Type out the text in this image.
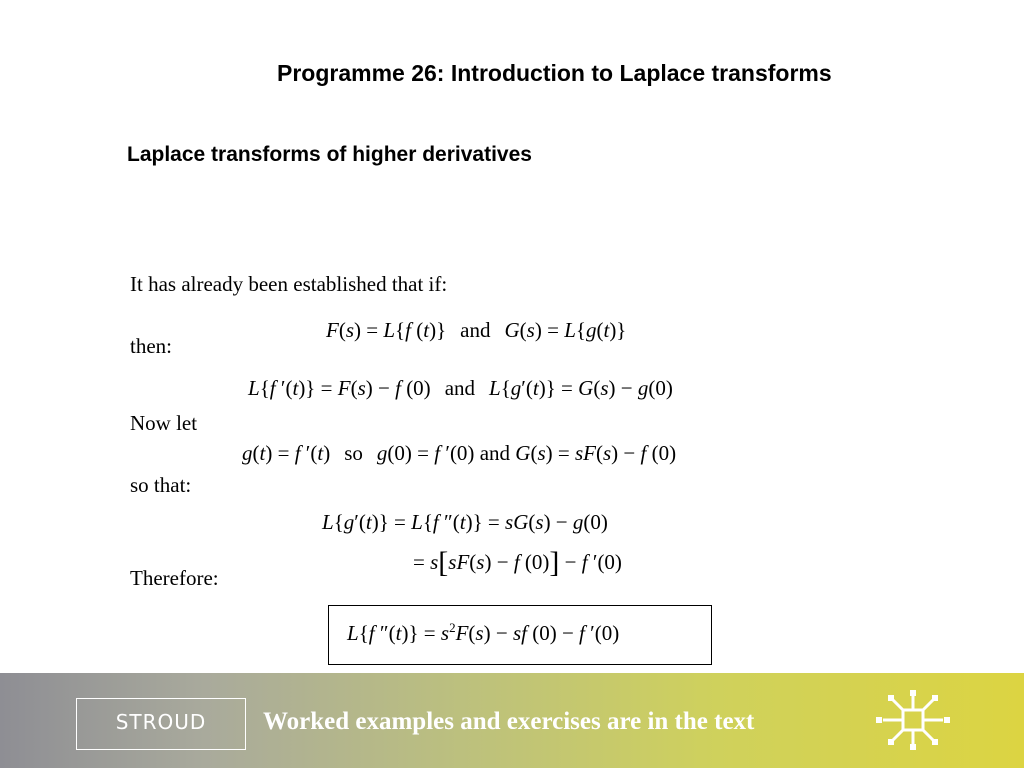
Programme 26: Introduction to Laplace transforms
Laplace transforms of higher derivatives
It has already been established that if:
F(s) = L{f (t)} and G(s) = L{g(t)}
then:
L{f ′(t)} = F(s) − f (0) and L{g′(t)} = G(s) − g(0)
Now let
g(t) = f ′(t) so g(0) = f ′(0) and G(s) = sF(s) − f (0)
so that:
L{g′(t)} = L{f ″(t)} = sG(s) − g(0)
= s[sF(s) − f (0)] − f ′(0)
Therefore:
L{f $''(t)\} = s^2F(s)$ − sf (0) − f ′(0)
STROUD	Worked examples and exercises are in the text
